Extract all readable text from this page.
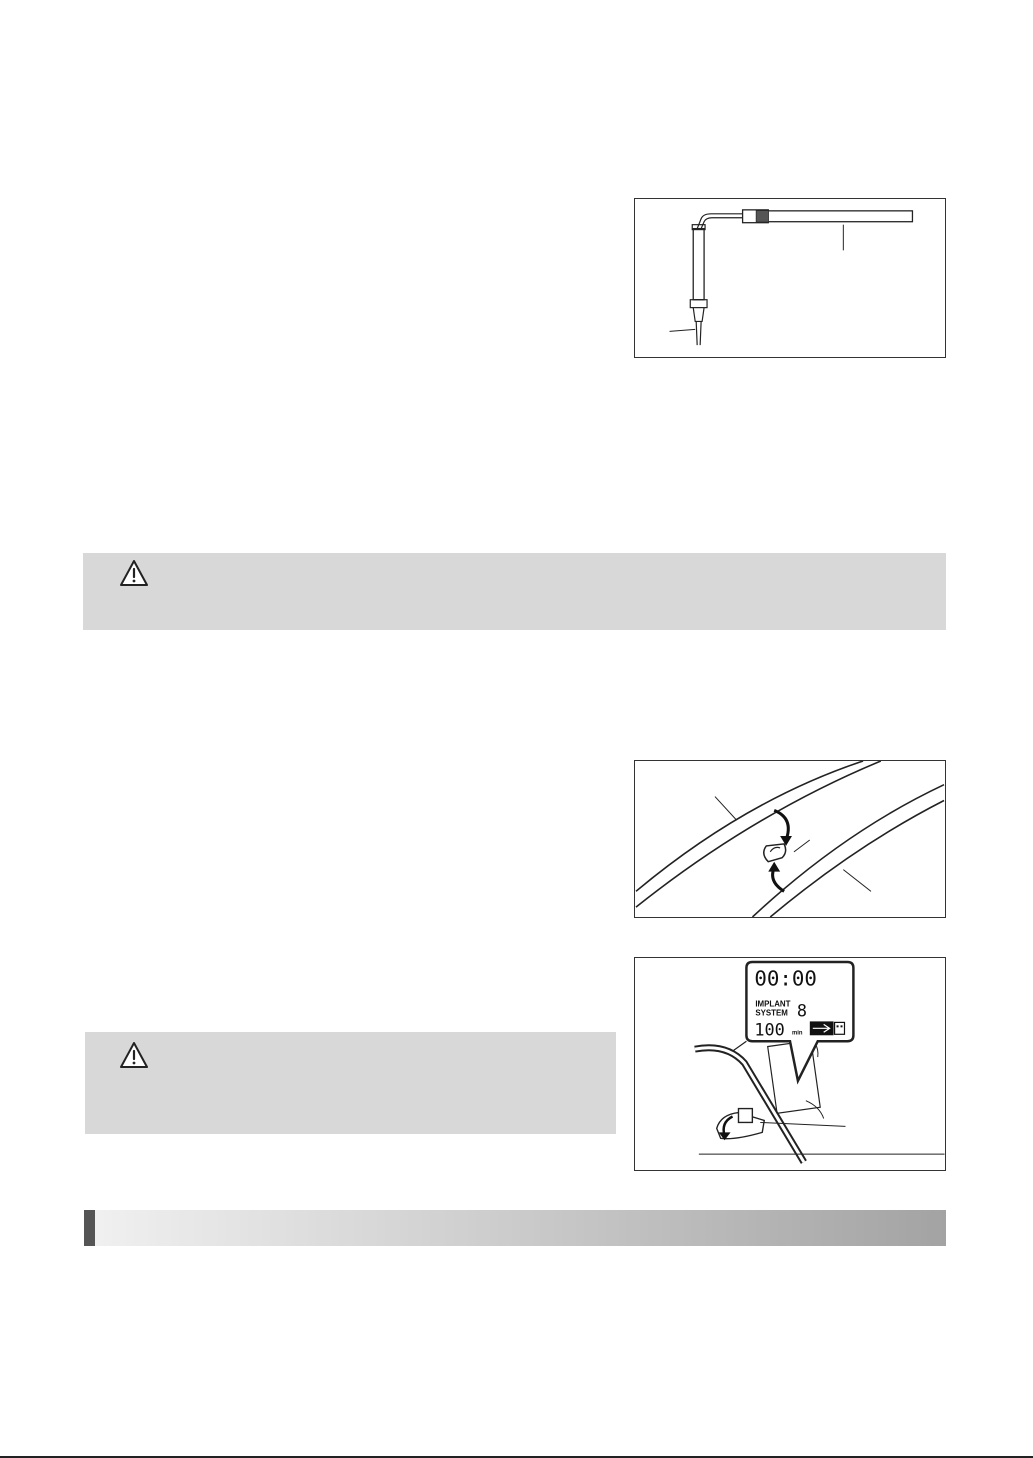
00:00
IMPLANT
SYSTEM 8
100 min
